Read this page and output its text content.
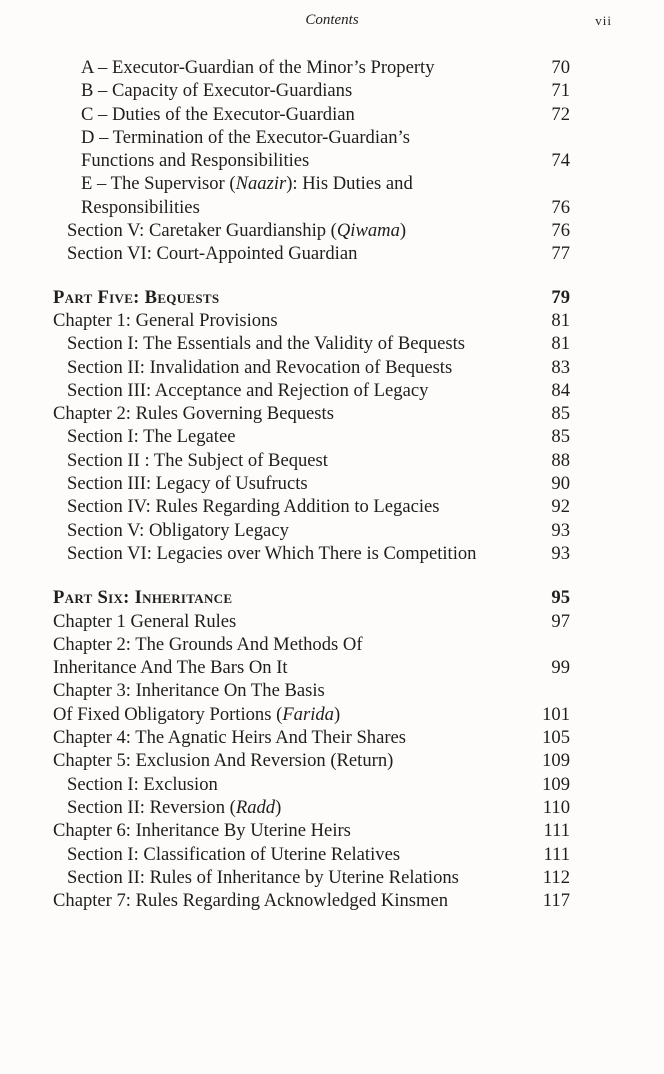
Contents	vii
A – Executor-Guardian of the Minor’s Property	70
B – Capacity of Executor-Guardians	71
C – Duties of the Executor-Guardian	72
D – Termination of the Executor-Guardian’s
Functions and Responsibilities	74
E – The Supervisor (Naazir): His Duties and
Responsibilities	76
Section V: Caretaker Guardianship (Qiwama)	76
Section VI: Court-Appointed Guardian	77
Part Five: Bequests	79
Chapter 1: General Provisions	81
Section I: The Essentials and the Validity of Bequests	81
Section II: Invalidation and Revocation of Bequests	83
Section III: Acceptance and Rejection of Legacy	84
Chapter 2: Rules Governing Bequests	85
Section I: The Legatee	85
Section II : The Subject of Bequest	88
Section III: Legacy of Usufructs	90
Section IV: Rules Regarding Addition to Legacies	92
Section V: Obligatory Legacy	93
Section VI: Legacies over Which There is Competition	93
Part Six: Inheritance	95
Chapter 1 General Rules	97
Chapter 2: The Grounds And Methods Of
Inheritance And The Bars On It	99
Chapter 3: Inheritance On The Basis
Of Fixed Obligatory Portions (Farida)	101
Chapter 4: The Agnatic Heirs And Their Shares	105
Chapter 5: Exclusion And Reversion (Return)	109
Section I: Exclusion	109
Section II: Reversion (Radd)	110
Chapter 6: Inheritance By Uterine Heirs	111
Section I: Classification of Uterine Relatives	111
Section II: Rules of Inheritance by Uterine Relations	112
Chapter 7: Rules Regarding Acknowledged Kinsmen	117
